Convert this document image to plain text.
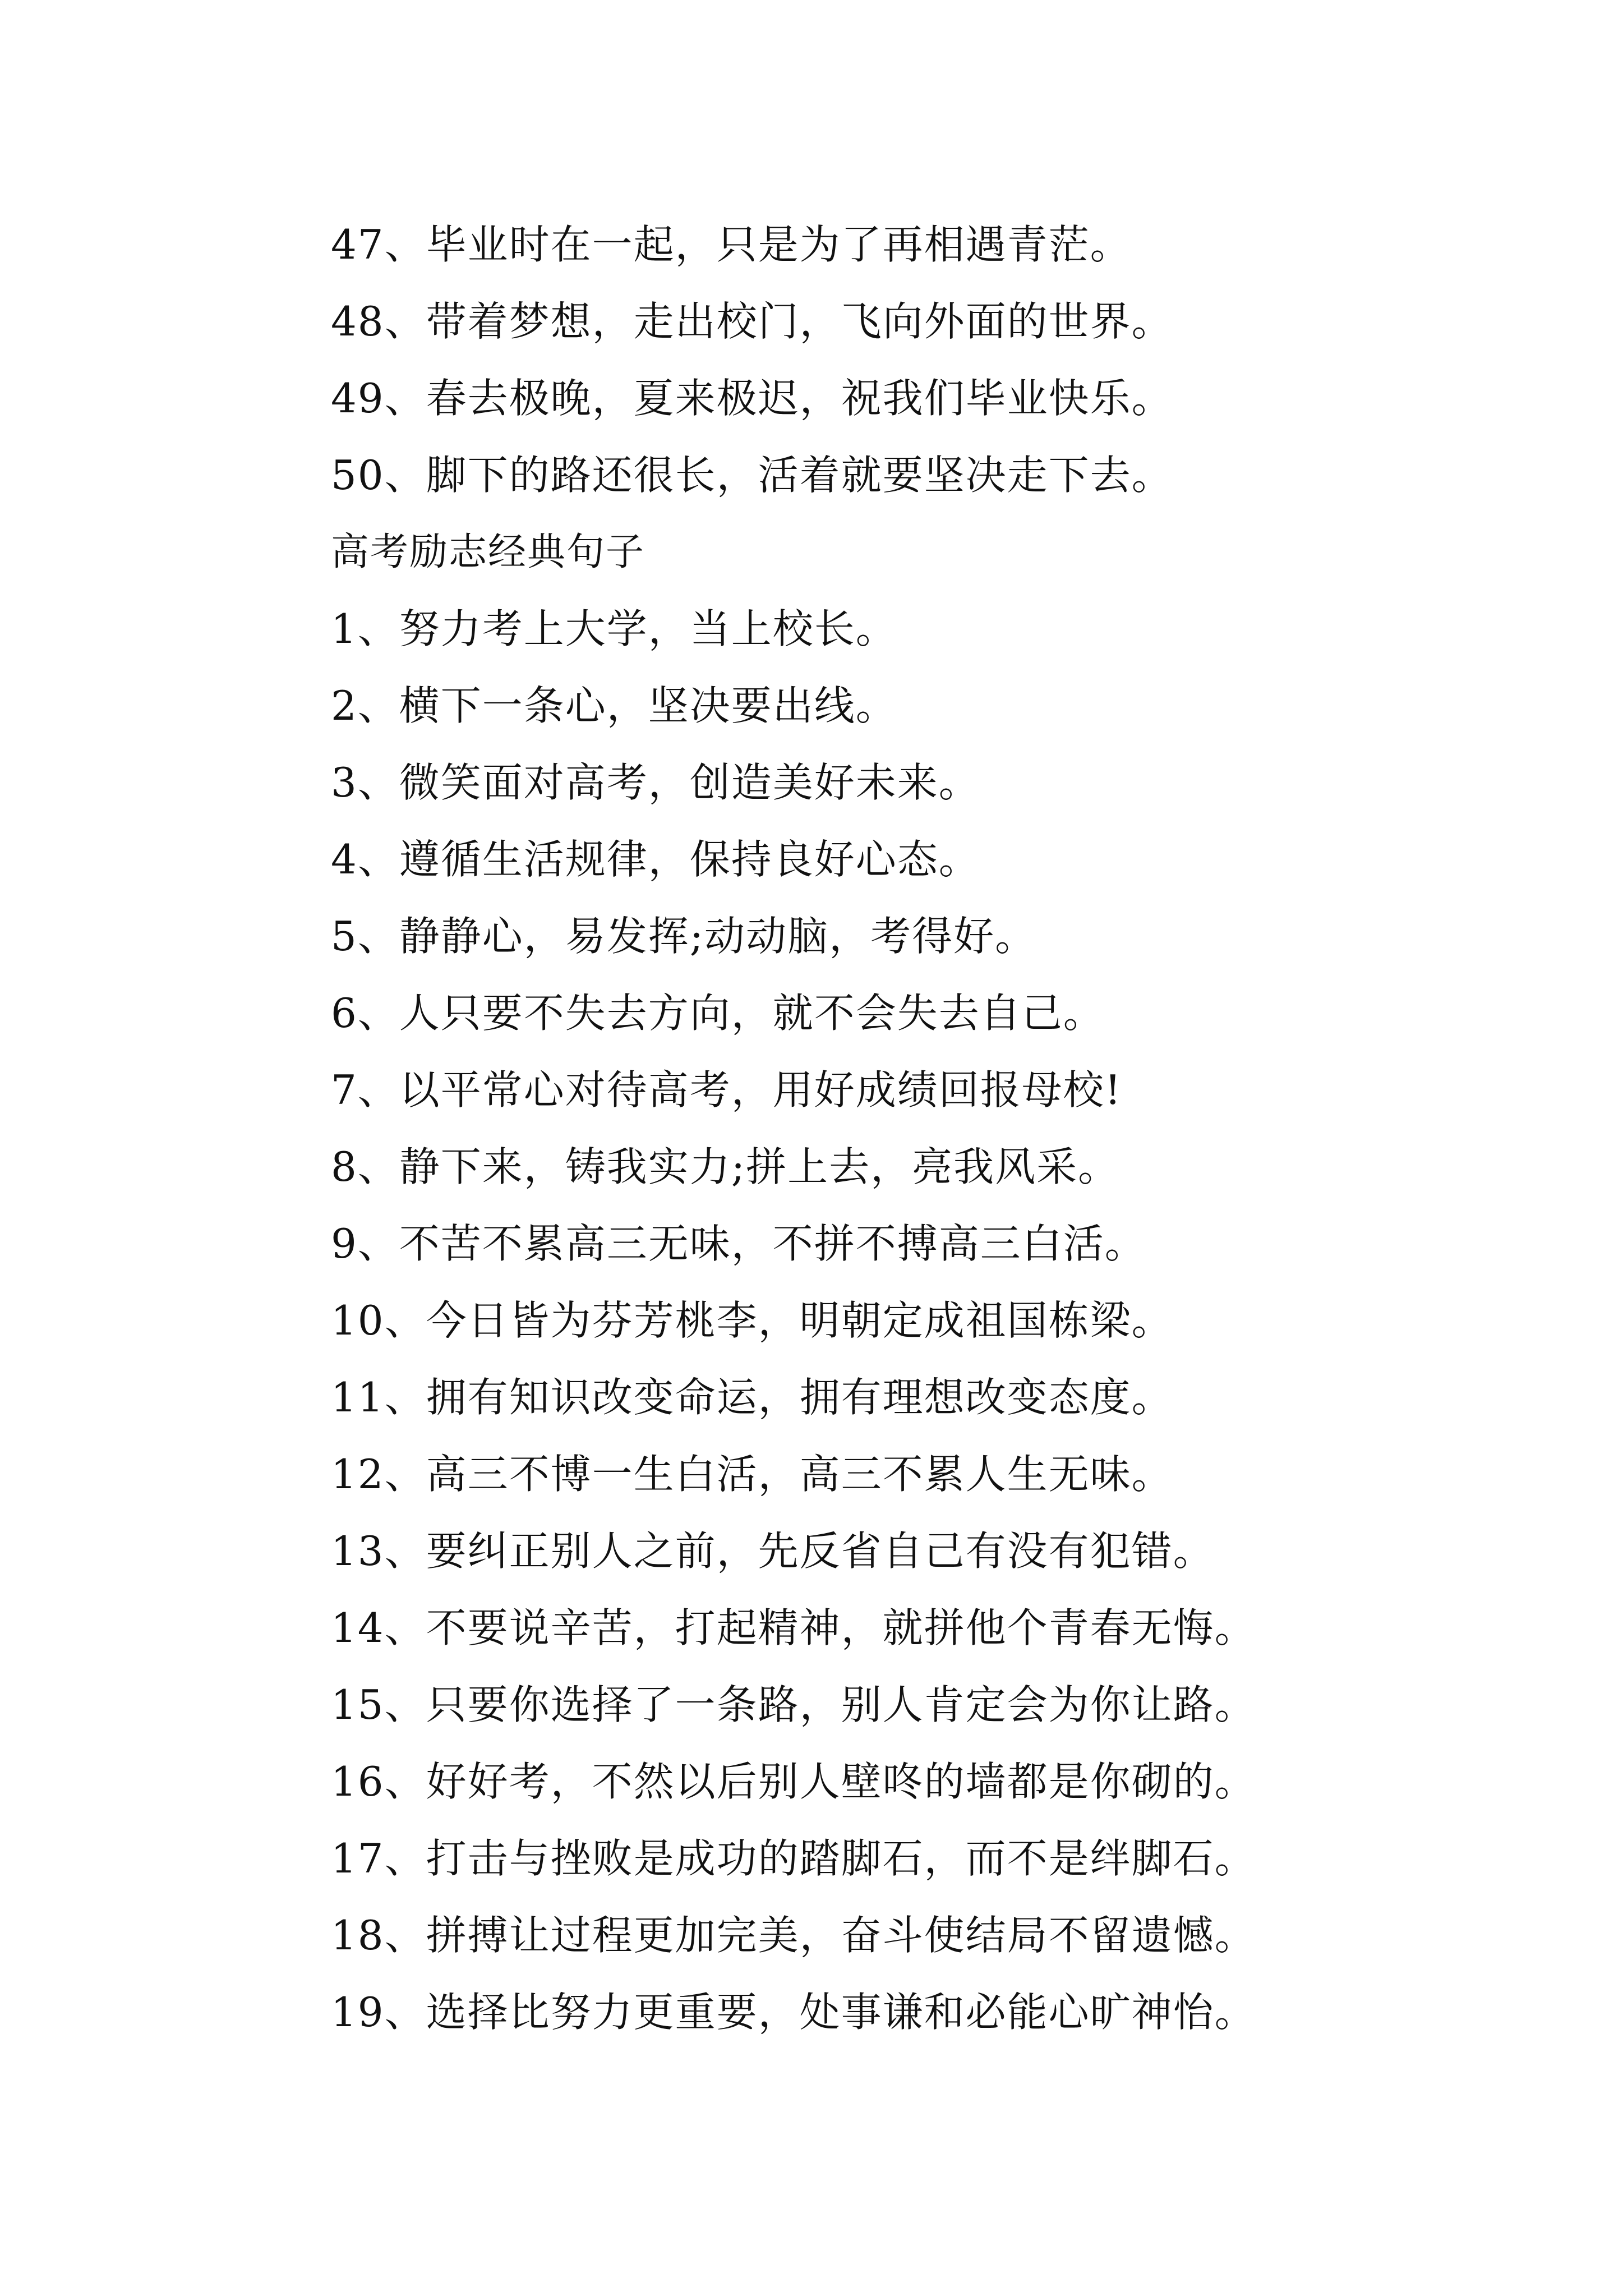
47、毕业时在一起，只是为了再相遇青茫。
48、带着梦想，走出校门，飞向外面的世界。
49、春去极晚，夏来极迟，祝我们毕业快乐。
50、脚下的路还很长，活着就要坚决走下去。
高考励志经典句子
1、努力考上大学，当上校长。
2、横下一条心，坚决要出线。
3、微笑面对高考，创造美好未来。
4、遵循生活规律，保持良好心态。
5、静静心，易发挥;动动脑，考得好。
6、人只要不失去方向，就不会失去自己。
7、以平常心对待高考，用好成绩回报母校!
8、静下来，铸我实力;拼上去，亮我风采。
9、不苦不累高三无味，不拼不搏高三白活。
10、今日皆为芬芳桃李，明朝定成祖国栋梁。
11、拥有知识改变命运，拥有理想改变态度。
12、高三不博一生白活，高三不累人生无味。
13、要纠正别人之前，先反省自己有没有犯错。
14、不要说辛苦，打起精神，就拼他个青春无悔。
15、只要你选择了一条路，别人肯定会为你让路。
16、好好考，不然以后别人壁咚的墙都是你砌的。
17、打击与挫败是成功的踏脚石，而不是绊脚石。
18、拼搏让过程更加完美，奋斗使结局不留遗憾。
19、选择比努力更重要，处事谦和必能心旷神怡。
